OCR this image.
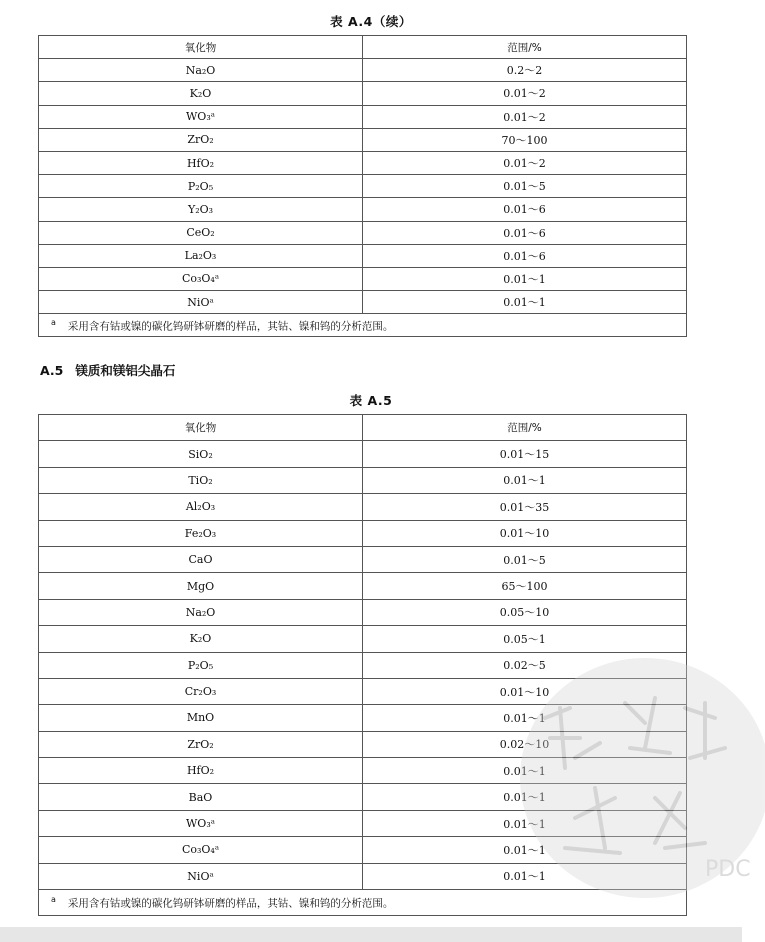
表 A.4（续）
氧化物	范围/%
Na₂O	0.2～2
K₂O	0.01～2
WO₃ᵃ	0.01～2
ZrO₂	70～100
HfO₂	0.01～2
P₂O₅	0.01～5
Y₂O₃	0.01～6
CeO₂	0.01～6
La₂O₃	0.01～6
Co₃O₄ᵃ	0.01～1
NiOᵃ	0.01～1
$^a$ 采用含有钴或镍的碳化钨研钵研磨的样品，其钴、镍和钨的分析范围。	
A.5 镁质和镁铝尖晶石
表 A.5
氧化物	范围/%
SiO₂	0.01～15
TiO₂	0.01～1
Al₂O₃	0.01～35
Fe₂O₃	0.01～10
CaO	0.01～5
MgO	65～100
Na₂O	0.05～10
K₂O	0.05～1
P₂O₅	0.02～5
Cr₂O₃	0.01～10
MnO	0.01～1
ZrO₂	0.02～10
HfO₂	0.01～1
BaO	0.01～1
WO₃ᵃ	0.01～1
Co₃O₄ᵃ	0.01～1
NiOᵃ	0.01～1
$^a$ 采用含有钴或镍的碳化钨研钵研磨的样品，其钴、镍和钨的分析范围。	
PDC
